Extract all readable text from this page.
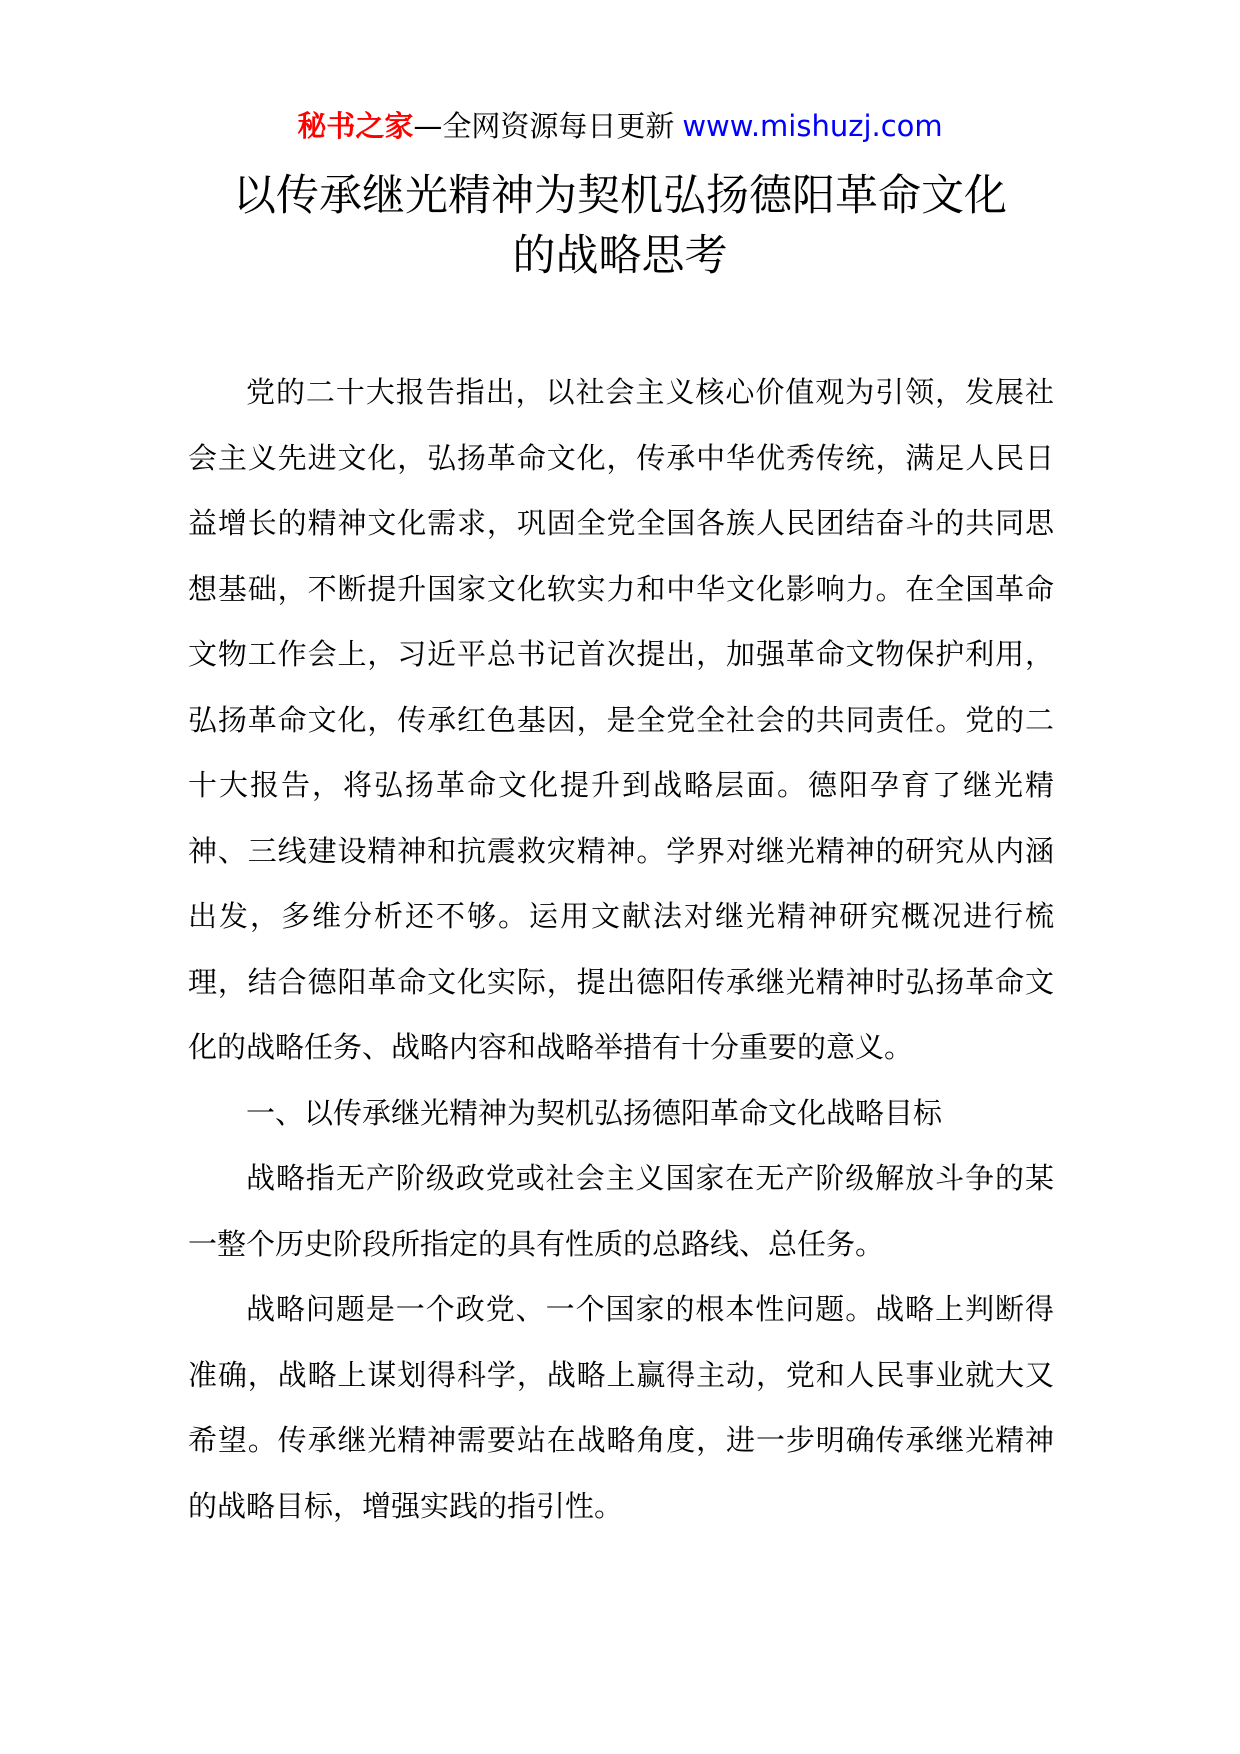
秘书之家—全网资源每日更新 www.mishuzj.com
以传承继光精神为契机弘扬德阳革命文化
的战略思考

党的二十大报告指出，以社会主义核心价值观为引领，发展社会主义先进文化，弘扬革命文化，传承中华优秀传统，满足人民日益增长的精神文化需求，巩固全党全国各族人民团结奋斗的共同思想基础，不断提升国家文化软实力和中华文化影响力。在全国革命文物工作会上，习近平总书记首次提出，加强革命文物保护利用，弘扬革命文化，传承红色基因，是全党全社会的共同责任。党的二十大报告，将弘扬革命文化提升到战略层面。德阳孕育了继光精神、三线建设精神和抗震救灾精神。学界对继光精神的研究从内涵出发，多维分析还不够。运用文献法对继光精神研究概况进行梳理，结合德阳革命文化实际，提出德阳传承继光精神时弘扬革命文化的战略任务、战略内容和战略举措有十分重要的意义。

一、以传承继光精神为契机弘扬德阳革命文化战略目标

战略指无产阶级政党或社会主义国家在无产阶级解放斗争的某一整个历史阶段所指定的具有性质的总路线、总任务。

战略问题是一个政党、一个国家的根本性问题。战略上判断得准确，战略上谋划得科学，战略上赢得主动，党和人民事业就大又希望。传承继光精神需要站在战略角度，进一步明确传承继光精神的战略目标，增强实践的指引性。
